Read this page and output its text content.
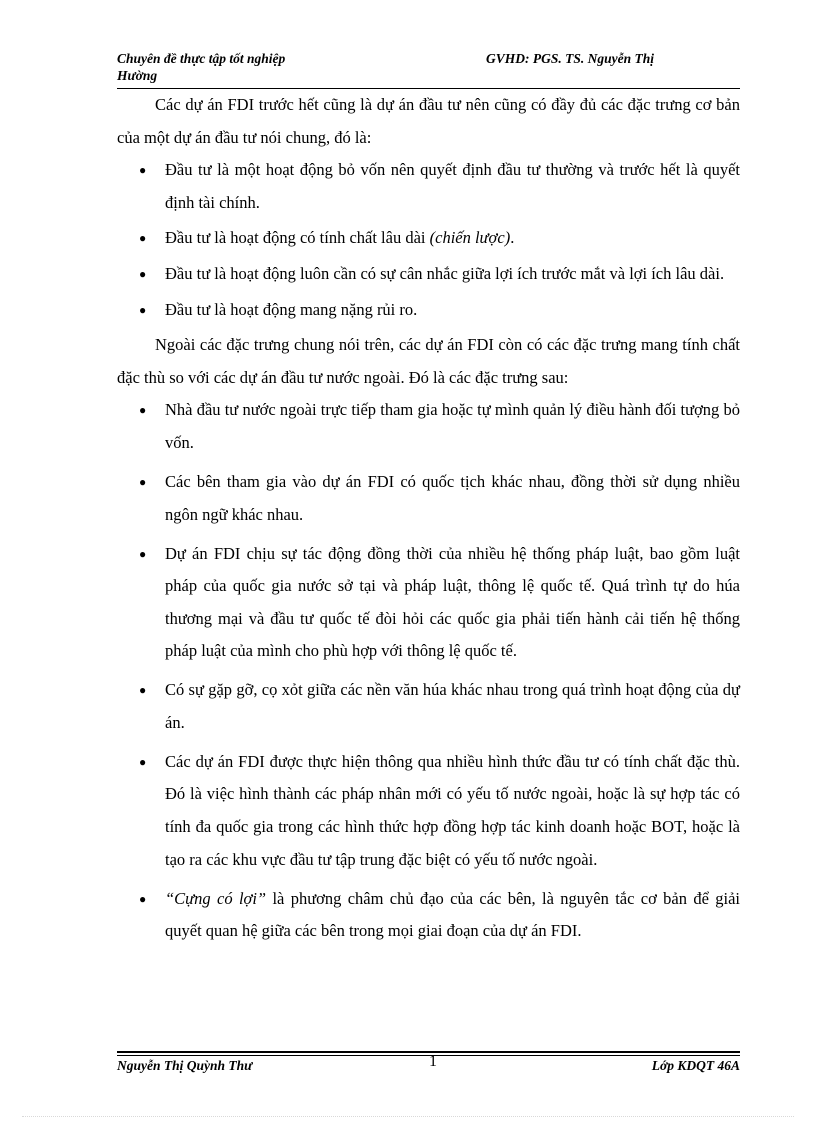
Chuyên đề thực tập tốt nghiệp
Hường
GVHD: PGS. TS. Nguyễn Thị

Các dự án FDI trước hết cũng là dự án đầu tư nên cũng có đầy đủ các đặc trưng cơ bản của một dự án đầu tư nói chung, đó là:

● Đầu tư là một hoạt động bỏ vốn nên quyết định đầu tư thường và trước hết là quyết định tài chính.
● Đầu tư là hoạt động có tính chất lâu dài (chiến lược).
● Đầu tư là hoạt động luôn cần có sự cân nhắc giữa lợi ích trước mắt và lợi ích lâu dài.
● Đầu tư là hoạt động mang nặng rủi ro.

Ngoài các đặc trưng chung nói trên, các dự án FDI còn có các đặc trưng mang tính chất đặc thù so với các dự án đầu tư nước ngoài. Đó là các đặc trưng sau:

● Nhà đầu tư nước ngoài trực tiếp tham gia hoặc tự mình quản lý điều hành đối tượng bỏ vốn.
● Các bên tham gia vào dự án FDI có quốc tịch khác nhau, đồng thời sử dụng nhiều ngôn ngữ khác nhau.
● Dự án FDI chịu sự tác động đồng thời của nhiều hệ thống pháp luật, bao gồm luật pháp của quốc gia nước sở tại và pháp luật, thông lệ quốc tế. Quá trình tự do húa thương mại và đầu tư quốc tế đòi hỏi các quốc gia phải tiến hành cải tiến hệ thống pháp luật của mình cho phù hợp với thông lệ quốc tế.
● Có sự gặp gỡ, cọ xỏt giữa các nền văn húa khác nhau trong quá trình hoạt động của dự án.
● Các dự án FDI được thực hiện thông qua nhiều hình thức đầu tư có tính chất đặc thù. Đó là việc hình thành các pháp nhân mới có yếu tố nước ngoài, hoặc là sự hợp tác có tính đa quốc gia trong các hình thức hợp đồng hợp tác kinh doanh hoặc BOT, hoặc là tạo ra các khu vực đầu tư tập trung đặc biệt có yếu tố nước ngoài.
● “Cựng có lợi” là phương châm chủ đạo của các bên, là nguyên tắc cơ bản để giải quyết quan hệ giữa các bên trong mọi giai đoạn của dự án FDI.
Nguyễn Thị Quỳnh Thư	1	Lớp KDQT 46A
